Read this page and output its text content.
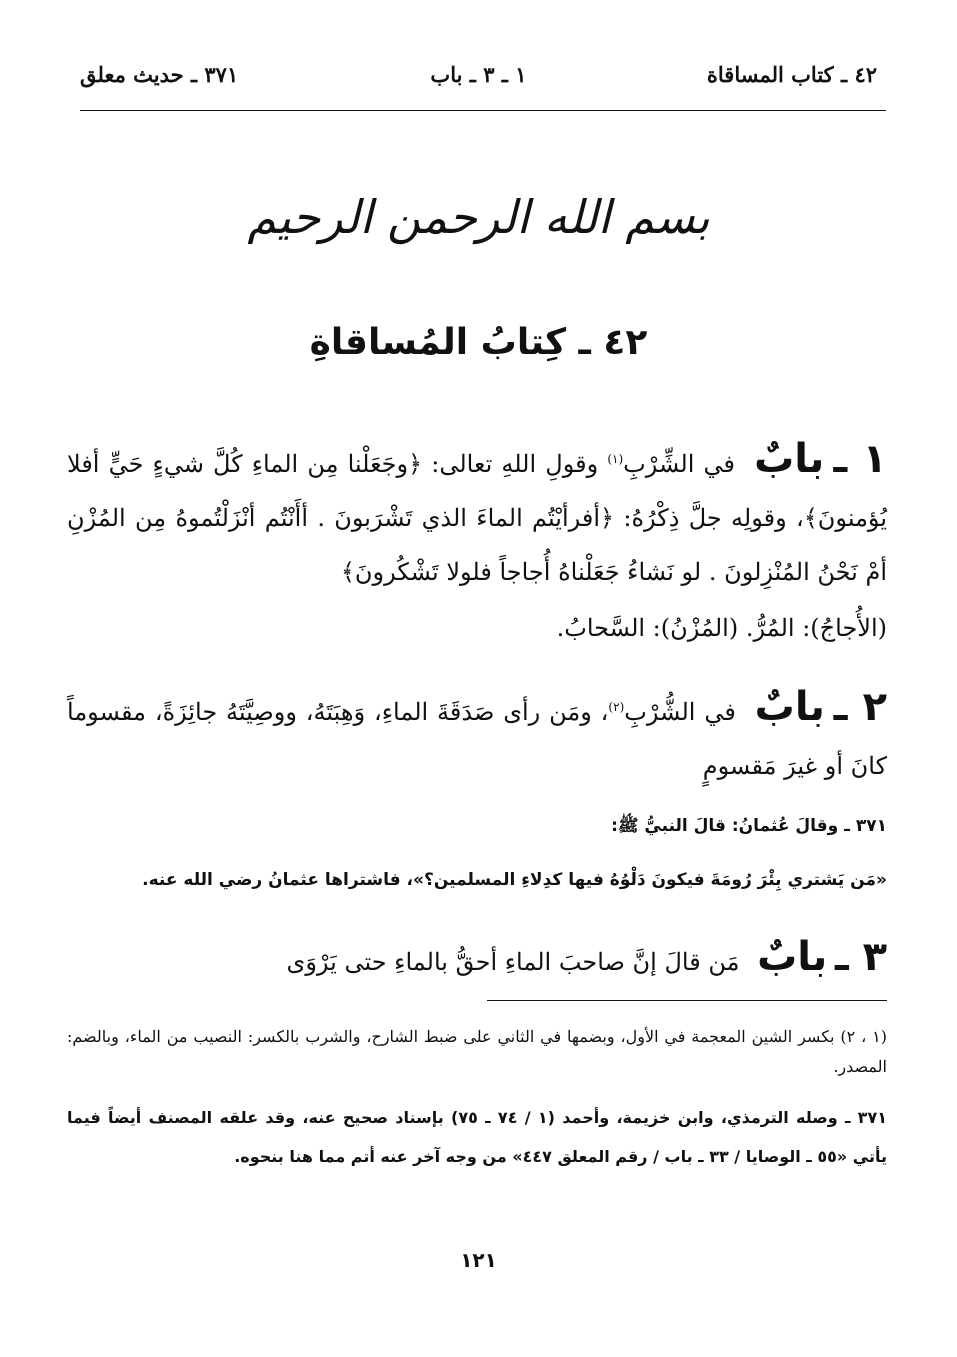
٤٢ ـ كتاب المساقاة
١ ـ ٣ ـ باب
٣٧١ ـ حديث معلق
بسم الله الرحمن الرحيم
٤٢ ـ كِتابُ المُساقاةِ
١ ـ بابٌ في الشِّرْبِ$^{(١)}$ وقولِ اللهِ تعالى: ﴿وجَعَلْنا مِن الماءِ كُلَّ شيءٍ حَيٍّ أفلا يُؤمنونَ﴾، وقولِه جلَّ ذِكْرُهُ: ﴿أفرأيْتُم الماءَ الذي تَشْرَبونَ . أأَنْتُم أنْزَلْتُموهُ مِن المُزْنِ أمْ نَحْنُ المُنْزِلونَ . لو نَشاءُ جَعَلْناهُ أُجاجاً فلولا تَشْكُرونَ﴾
(الأُجاجُ): المُرُّ. (المُزْنُ): السَّحابُ.
٢ ـ بابٌ في الشُّرْبِ$^{(٢)}$، ومَن رأى صَدَقَةَ الماءِ، وَهِبَتَهُ، ووصِيَّتَهُ جائِزَةً، مقسوماً كانَ أو غيرَ مَقسومٍ
٣٧١ ـ وقالَ عُثمانُ: قالَ النبيُّ ﷺ:
«مَن يَشتري بِئْرَ رُومَةَ فيكونَ دَلْوُهُ فيها كدِلاءِ المسلمين؟»، فاشتراها عثمانُ رضي الله عنه.
٣ ـ بابٌ مَن قالَ إنَّ صاحبَ الماءِ أحقُّ بالماءِ حتى يَرْوَى
(١ ، ٢) بكسر الشين المعجمة في الأول، وبضمها في الثاني على ضبط الشارح، والشرب بالكسر: النصيب من الماء، وبالضم: المصدر.
٣٧١ ـ وصله الترمذي، وابن خزيمة، وأحمد (١ / ٧٤ ـ ٧٥) بإسناد صحيح عنه، وقد علقه المصنف أيضاً فيما يأتي «٥٥ ـ الوصايا / ٣٣ ـ باب / رقم المعلق ٤٤٧» من وجه آخر عنه أتم مما هنا بنحوه.
١٢١
